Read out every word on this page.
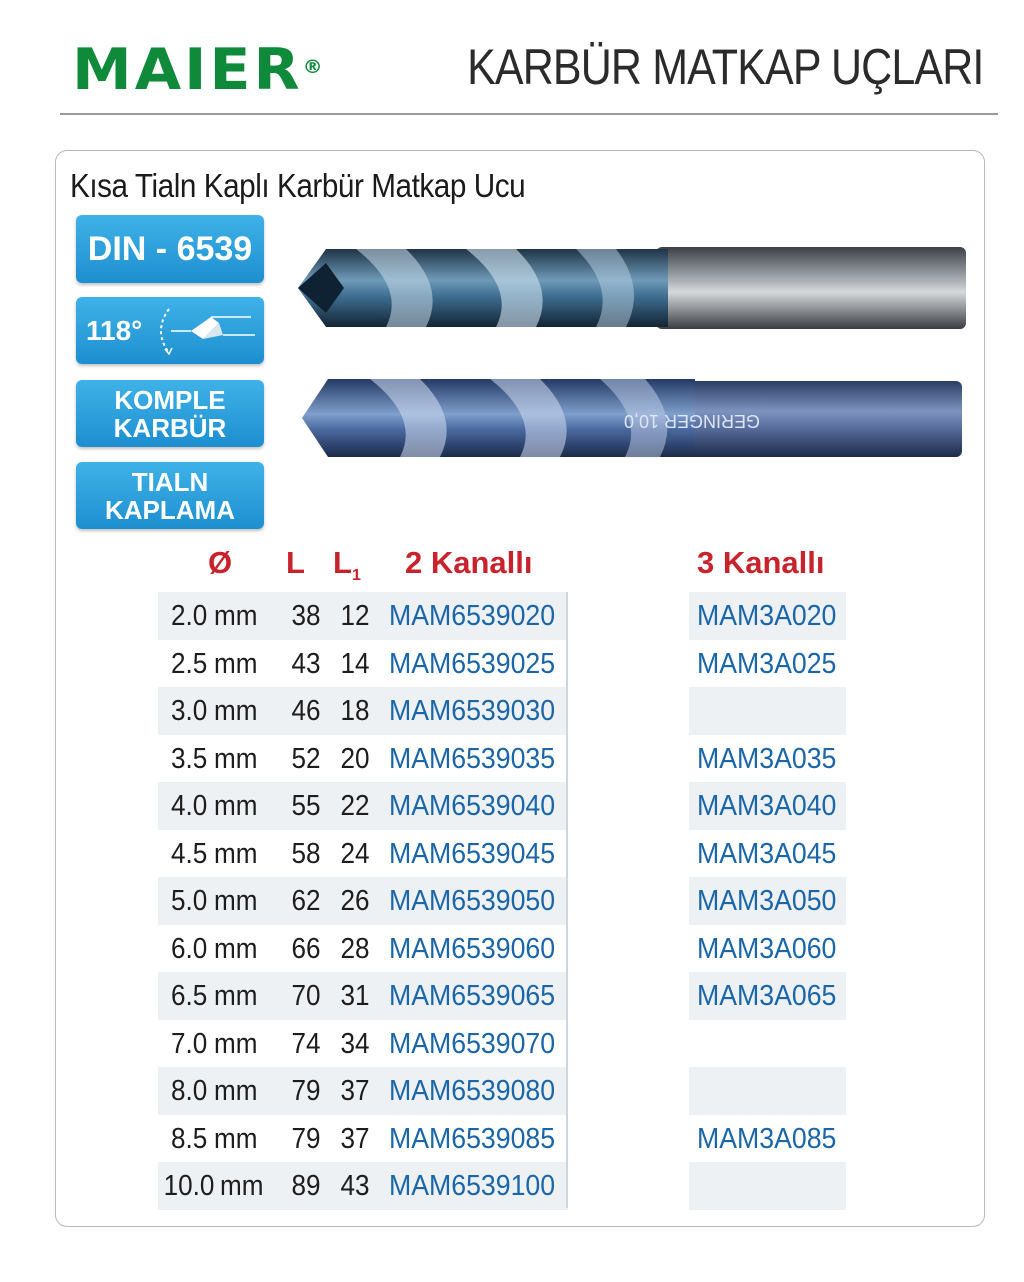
MAIER®	KARBÜR MATKAP UÇLARI
Kısa Tialn Kaplı Karbür Matkap Ucu
DIN - 6539
118°
KOMPLE
KARBÜR
TIALN
KAPLAMA
GERINGER 10,0
Ø L $L_1$ 2 Kanallı	3 Kanallı
2.0 mm 38 12 MAM6539020	MAM3A020
2.5 mm 43 14 MAM6539025	MAM3A025
3.0 mm 46 18 MAM6539030
3.5 mm 52 20 MAM6539035	MAM3A035
4.0 mm 55 22 MAM6539040	MAM3A040
4.5 mm 58 24 MAM6539045	MAM3A045
5.0 mm 62 26 MAM6539050	MAM3A050
6.0 mm 66 28 MAM6539060	MAM3A060
6.5 mm 70 31 MAM6539065	MAM3A065
7.0 mm 74 34 MAM6539070
8.0 mm 79 37 MAM6539080
8.5 mm 79 37 MAM6539085	MAM3A085
10.0 mm 89 43 MAM6539100
